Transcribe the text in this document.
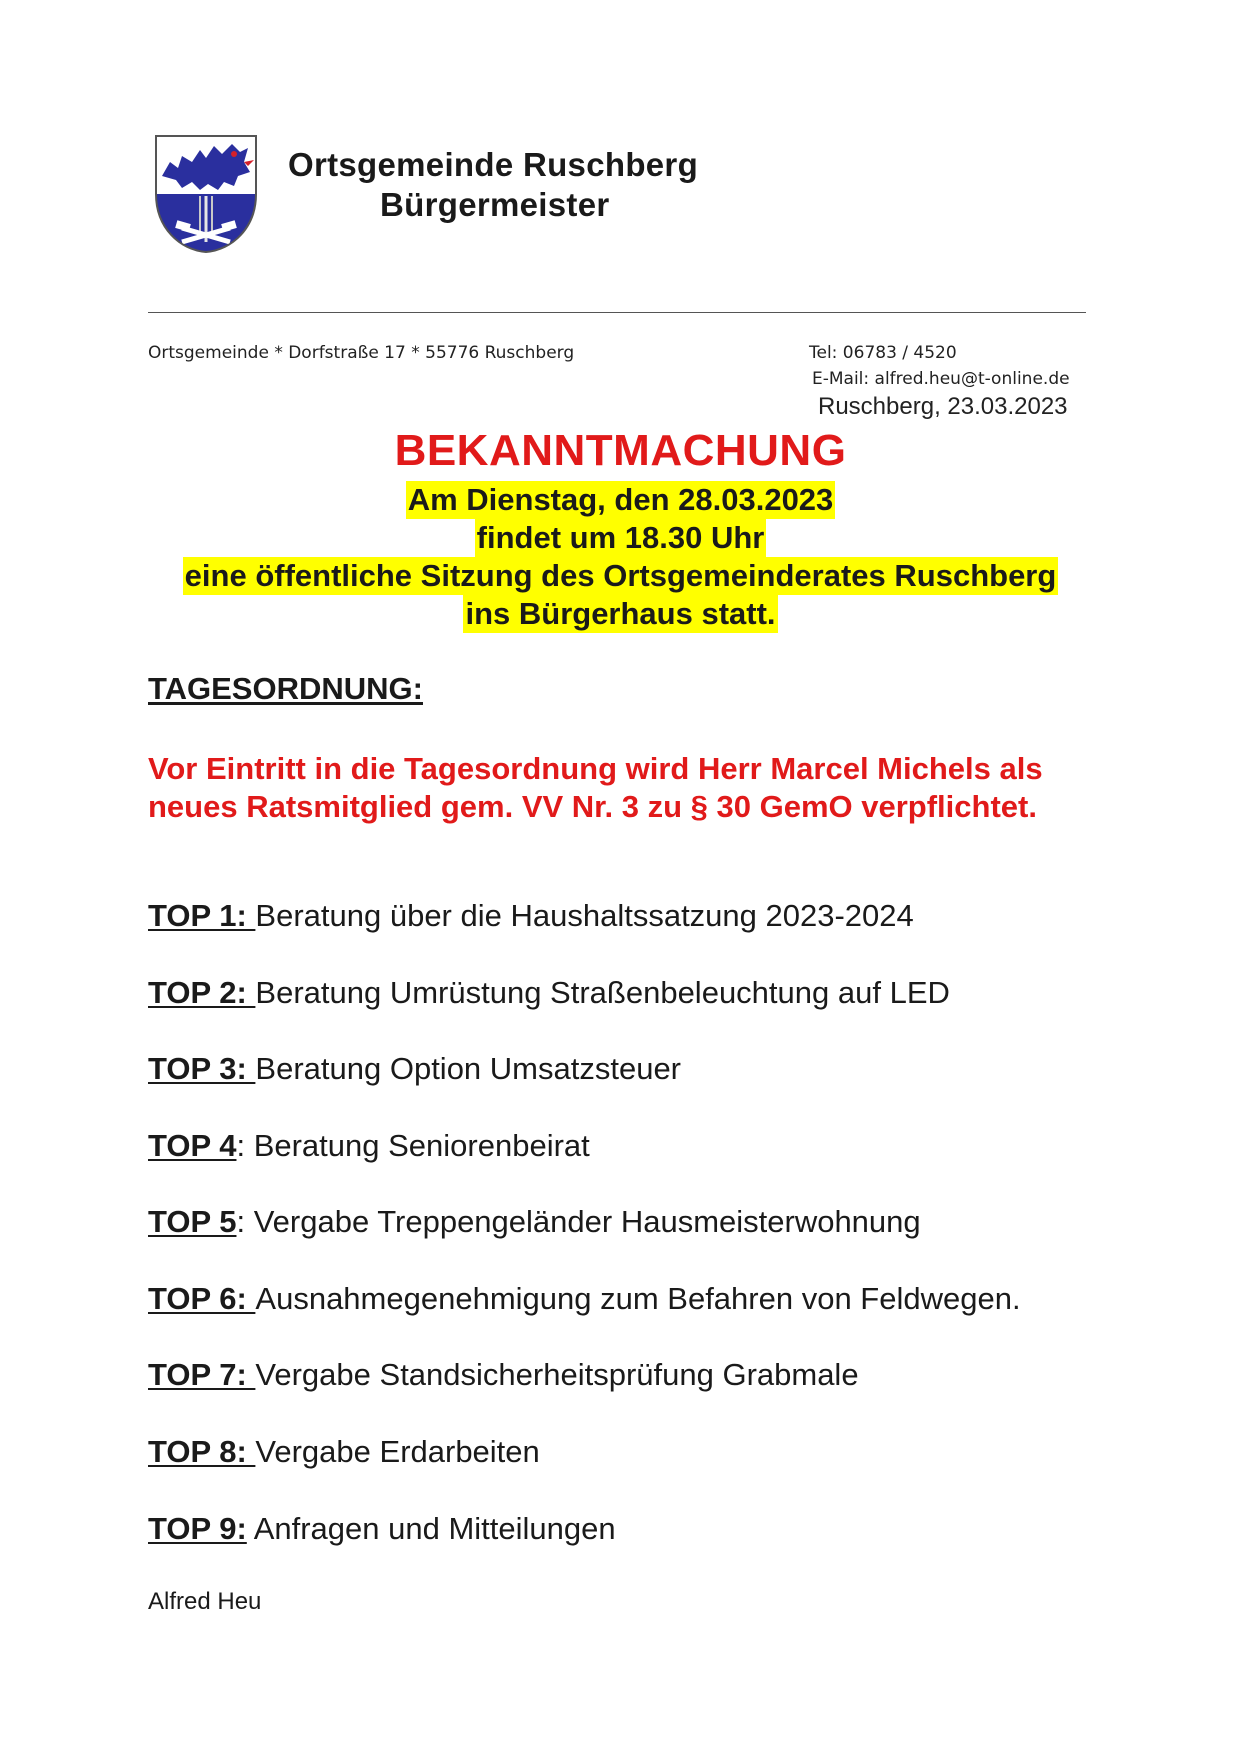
Ortsgemeinde Ruschberg
Bürgermeister
Ortsgemeinde * Dorfstraße 17 * 55776 Ruschberg	Tel: 06783 / 4520
E-Mail: alfred.heu@t-online.de
Ruschberg, 23.03.2023
BEKANNTMACHUNG
Am Dienstag, den 28.03.2023
findet um 18.30 Uhr
eine öffentliche Sitzung des Ortsgemeinderates Ruschberg
ins Bürgerhaus statt.
TAGESORDNUNG:
Vor Eintritt in die Tagesordnung wird Herr Marcel Michels als neues Ratsmitglied gem. VV Nr. 3 zu § 30 GemO verpflichtet.
TOP 1: Beratung über die Haushaltssatzung 2023-2024
TOP 2: Beratung Umrüstung Straßenbeleuchtung auf LED
TOP 3: Beratung Option Umsatzsteuer
TOP 4: Beratung Seniorenbeirat
TOP 5: Vergabe Treppengeländer Hausmeisterwohnung
TOP 6: Ausnahmegenehmigung zum Befahren von Feldwegen.
TOP 7: Vergabe Standsicherheitsprüfung Grabmale
TOP 8: Vergabe Erdarbeiten
TOP 9: Anfragen und Mitteilungen
Alfred Heu
